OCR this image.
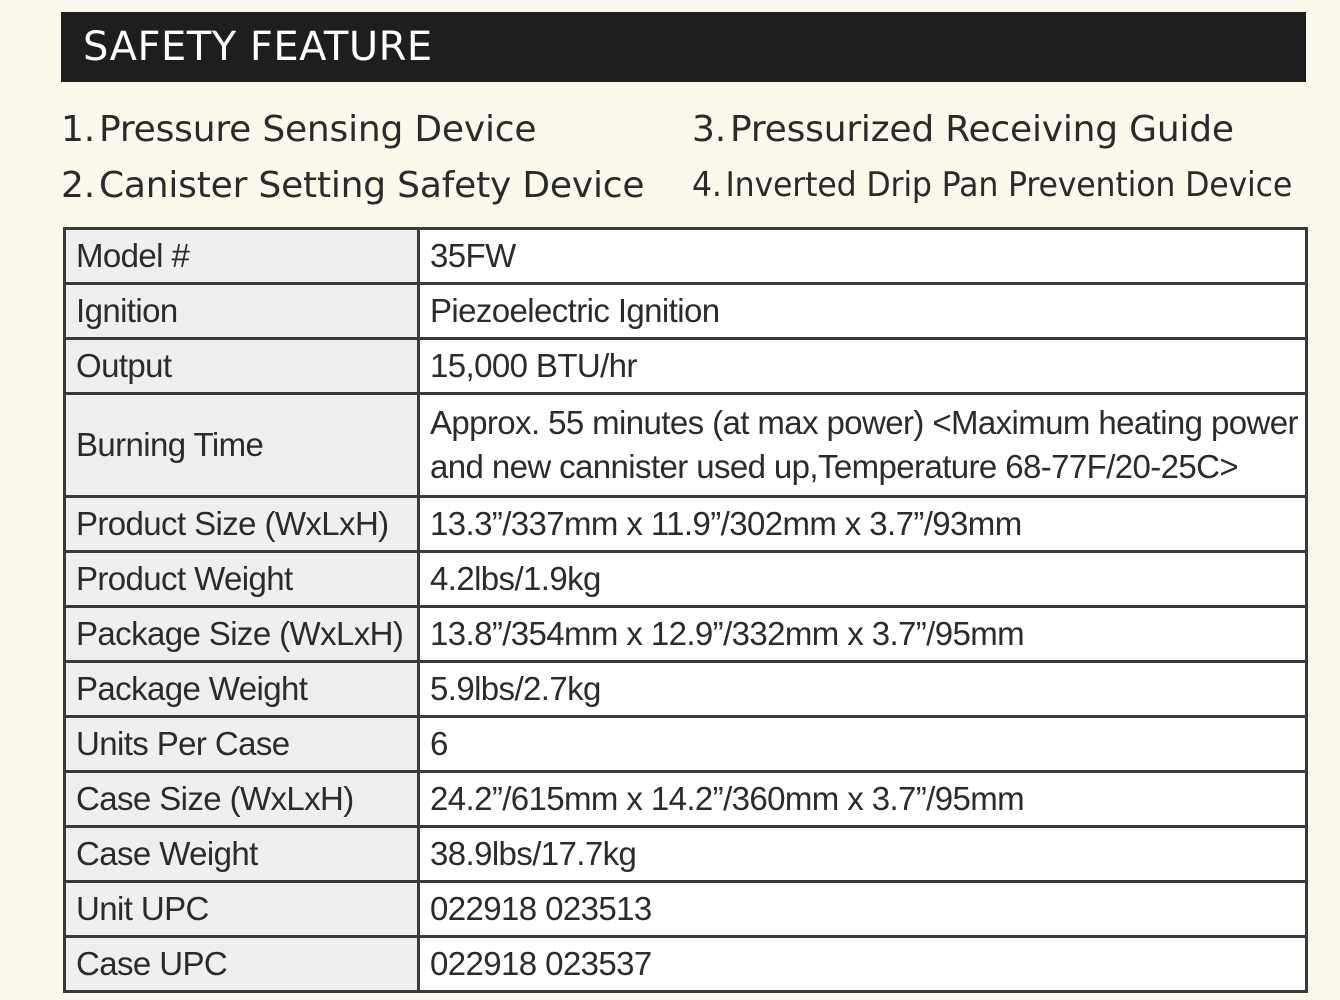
SAFETY FEATURE
1. Pressure Sensing Device
2. Canister Setting Safety Device
3. Pressurized Receiving Guide
4. Inverted Drip Pan Prevention Device
Model #	35FW
Ignition	Piezoelectric Ignition
Output	15,000 BTU/hr
Burning Time	Approx. 55 minutes (at max power) <Maximum heating power
and new cannister used up,Temperature 68-77F/20-25C>

Product Size (WxLxH)	13.3”/337mm x 11.9”/302mm x 3.7”/93mm
Product Weight	4.2lbs/1.9kg
Package Size (WxLxH)	13.8”/354mm x 12.9”/332mm x 3.7”/95mm
Package Weight	5.9lbs/2.7kg
Units Per Case	6
Case Size (WxLxH)	24.2”/615mm x 14.2”/360mm x 3.7”/95mm
Case Weight	38.9lbs/17.7kg
Unit UPC	022918 023513
Case UPC	022918 023537
